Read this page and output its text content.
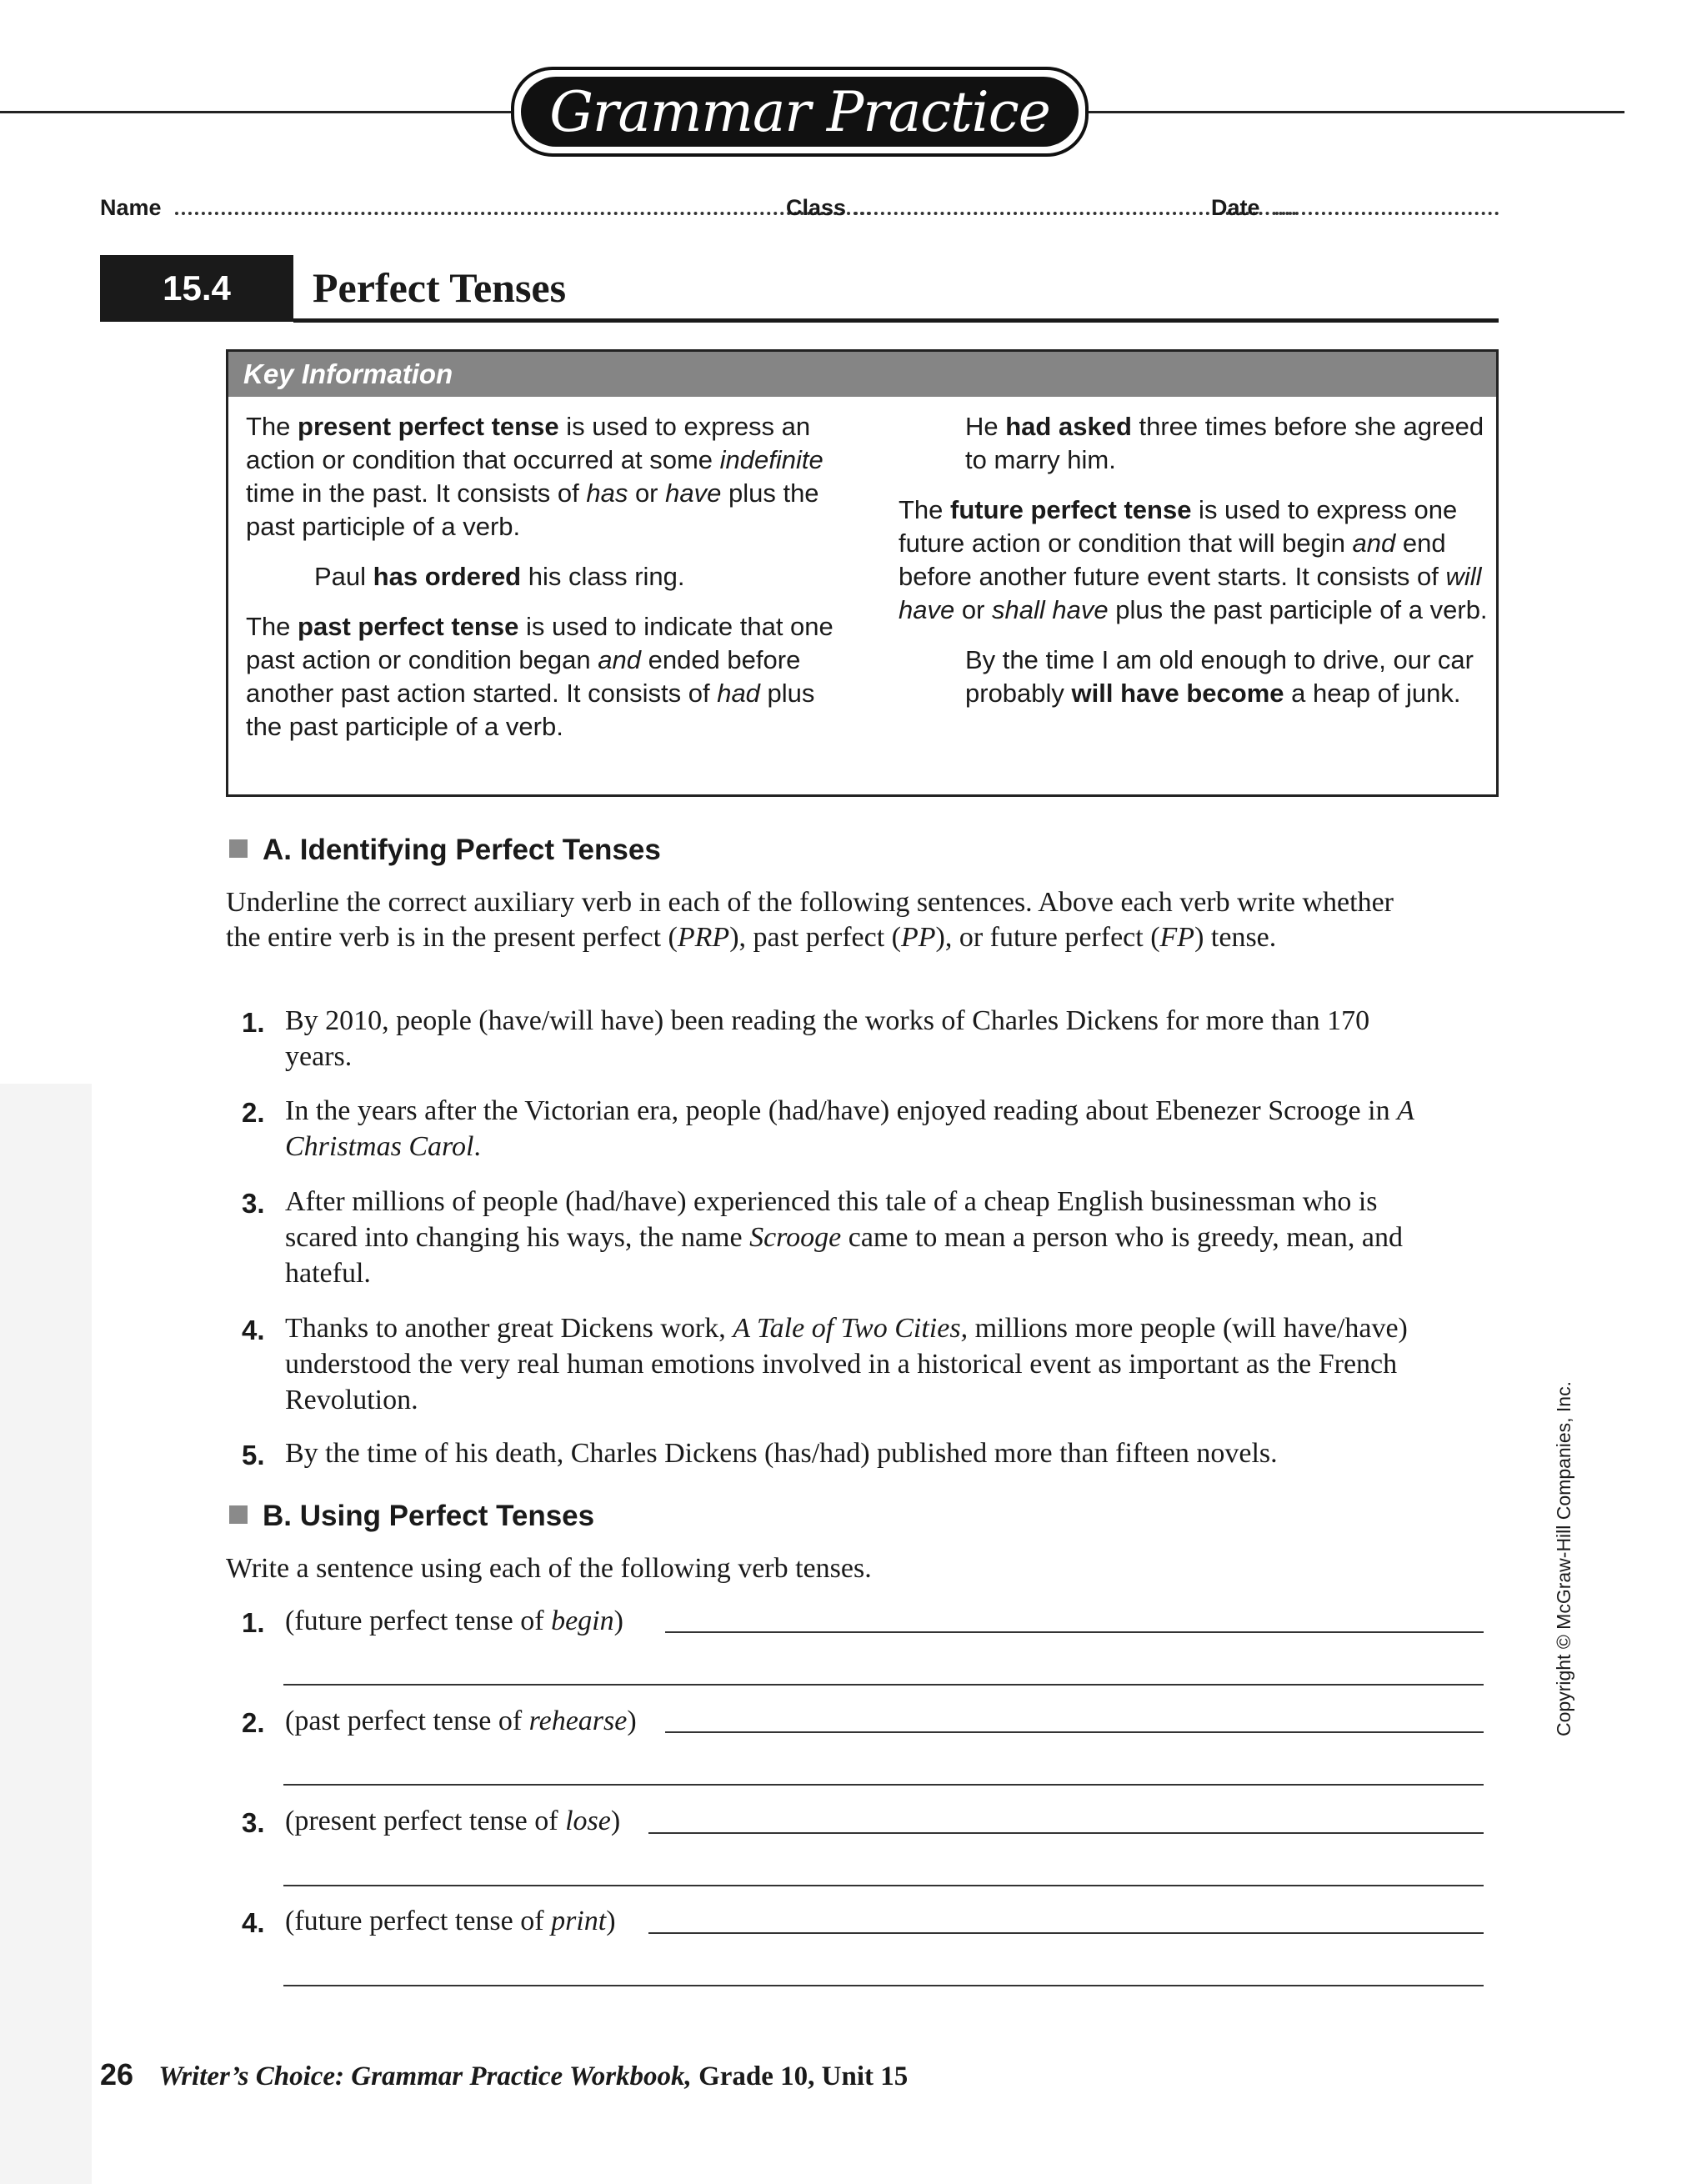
Grammar Practice
Name	Class	Date
15.4	Perfect Tenses
Key Information

The present perfect tense is used to express an action or condition that occurred at some indefinite time in the past. It consists of has or have plus the past participle of a verb.

Paul has ordered his class ring.

The past perfect tense is used to indicate that one past action or condition began and ended before another past action started. It consists of had plus the past participle of a verb.

He had asked three times before she agreed to marry him.

The future perfect tense is used to express one future action or condition that will begin and end before another future event starts. It consists of will have or shall have plus the past participle of a verb.

By the time I am old enough to drive, our car probably will have become a heap of junk.

A. Identifying Perfect Tenses
Underline the correct auxiliary verb in each of the following sentences. Above each verb write whether the entire verb is in the present perfect (PRP), past perfect (PP), or future perfect (FP) tense.
1. By 2010, people (have/will have) been reading the works of Charles Dickens for more than 170 years.
2. In the years after the Victorian era, people (had/have) enjoyed reading about Ebenezer Scrooge in A Christmas Carol.
3. After millions of people (had/have) experienced this tale of a cheap English businessman who is scared into changing his ways, the name Scrooge came to mean a person who is greedy, mean, and hateful.
4. Thanks to another great Dickens work, A Tale of Two Cities, millions more people (will have/have) understood the very real human emotions involved in a historical event as important as the French Revolution.
5. By the time of his death, Charles Dickens (has/had) published more than fifteen novels.
B. Using Perfect Tenses
Write a sentence using each of the following verb tenses.
1. (future perfect tense of begin)
2. (past perfect tense of rehearse)
3. (present perfect tense of lose)
4. (future perfect tense of print)
Copyright © McGraw-Hill Companies, Inc.
26 Writer’s Choice: Grammar Practice Workbook, Grade 10, Unit 15
